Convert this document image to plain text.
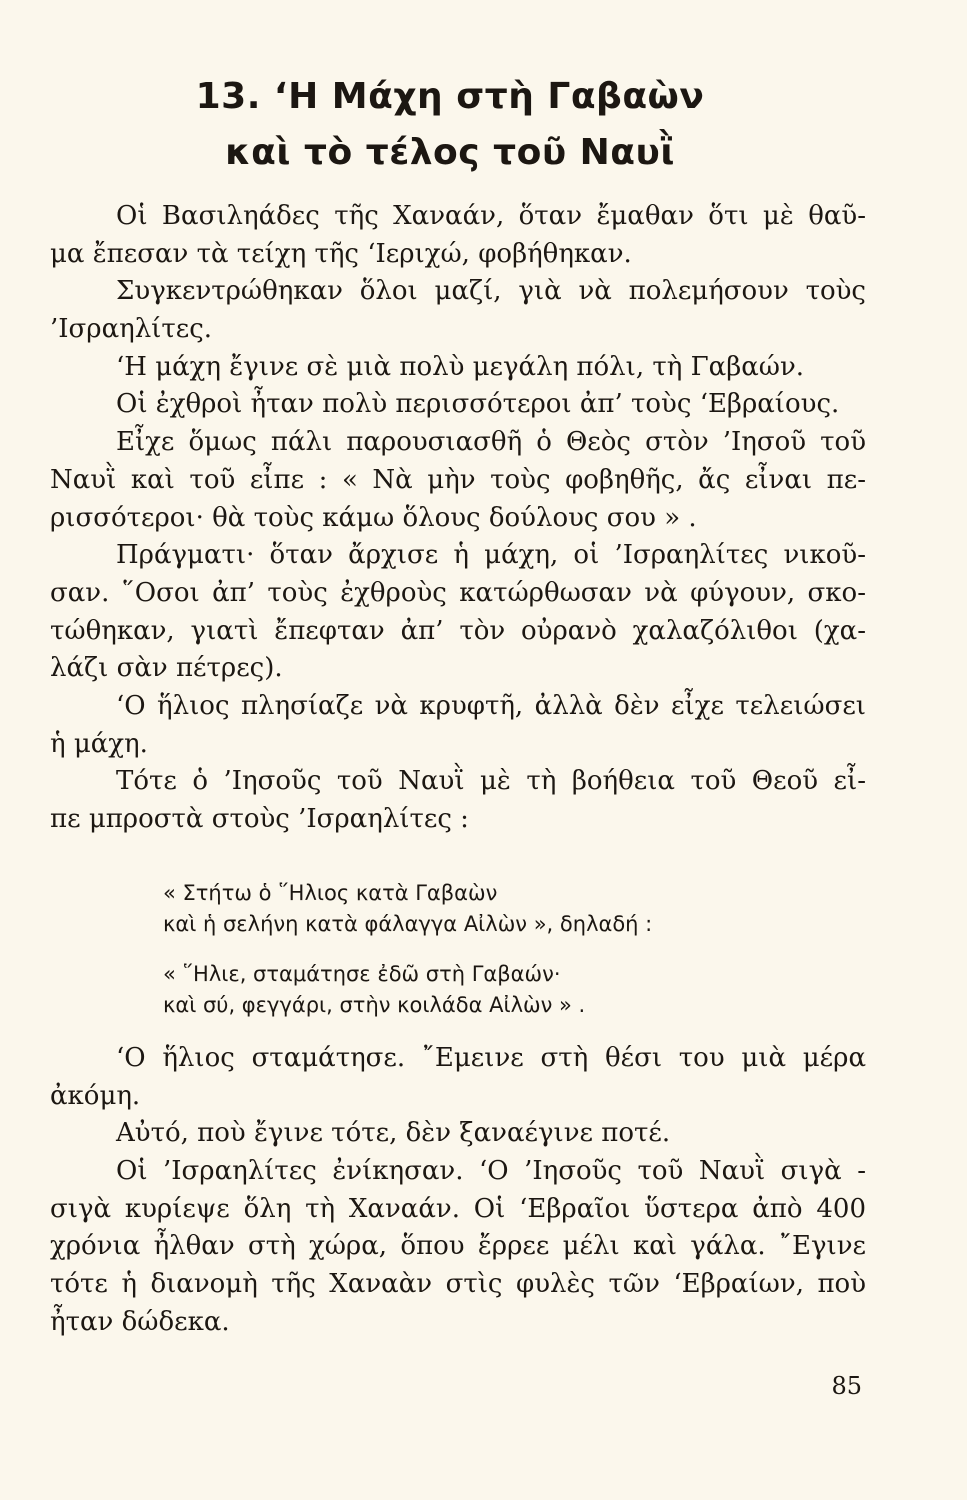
13. ‘Η Μάχη στὴ Γαβαὼν
καὶ τὸ τέλος τοῦ Ναυῒ
Οἱ Βασιληάδες τῆς Χαναάν, ὅταν ἔμαθαν ὅτι μὲ θαῦ-
μα ἔπεσαν τὰ τείχη τῆς ‘Ιεριχώ, φοβήθηκαν.
Συγκεντρώθηκαν ὅλοι μαζί, γιὰ νὰ πολεμήσουν τοὺς
’Ισραηλίτες.
‘Η μάχη ἔγινε σὲ μιὰ πολὺ μεγάλη πόλι, τὴ Γαβαών.
Οἱ ἐχθροὶ ἦταν πολὺ περισσότεροι ἀπ’ τοὺς ‘Εβραίους.
Εἶχε ὅμως πάλι παρουσιασθῆ ὁ Θεὸς στὸν ’Ιησοῦ τοῦ
Ναυῒ καὶ τοῦ εἶπε : « Νὰ μὴν τοὺς φοβηθῆς, ἄς εἶναι πε-
ρισσότεροι· θὰ τοὺς κάμω ὅλους δούλους σου » .
Πράγματι· ὅταν ἄρχισε ἡ μάχη, οἱ ’Ισραηλίτες νικοῦ-
σαν. ῞Οσοι ἀπ’ τοὺς ἐχθροὺς κατώρθωσαν νὰ φύγουν, σκο-
τώθηκαν, γιατὶ ἔπεφταν ἀπ’ τὸν οὐρανὸ χαλαζόλιθοι (χα-
λάζι σὰν πέτρες).
‘Ο ἥλιος πλησίαζε νὰ κρυφτῆ, ἀλλὰ δὲν εἶχε τελειώσει
ἡ μάχη.
Τότε ὁ ’Ιησοῦς τοῦ Ναυῒ μὲ τὴ βοήθεια τοῦ Θεοῦ εἶ-
πε μπροστὰ στοὺς ’Ισραηλίτες :
« Στήτω ὁ ῞Ηλιος κατὰ Γαβαὼν
καὶ ἡ σελήνη κατὰ φάλαγγα Αἰλὼν », δηλαδή :
« ῞Ηλιε, σταμάτησε ἐδῶ στὴ Γαβαών·
καὶ σύ, φεγγάρι, στὴν κοιλάδα Αἰλὼν » .
‘Ο ἥλιος σταμάτησε. ῎Εμεινε στὴ θέσι του μιὰ μέρα
ἀκόμη.
Αὐτό, ποὺ ἔγινε τότε, δὲν ξαναέγινε ποτέ.
Οἱ ’Ισραηλίτες ἐνίκησαν. ‘Ο ’Ιησοῦς τοῦ Ναυῒ σιγὰ -
σιγὰ κυρίεψε ὅλη τὴ Χαναάν. Οἱ ‘Εβραῖοι ὕστερα ἀπὸ 400
χρόνια ἦλθαν στὴ χώρα, ὅπου ἔρρεε μέλι καὶ γάλα. ῎Εγινε
τότε ἡ διανομὴ τῆς Χαναὰν στὶς φυλὲς τῶν ‘Εβραίων, ποὺ
ἦταν δώδεκα.
85
